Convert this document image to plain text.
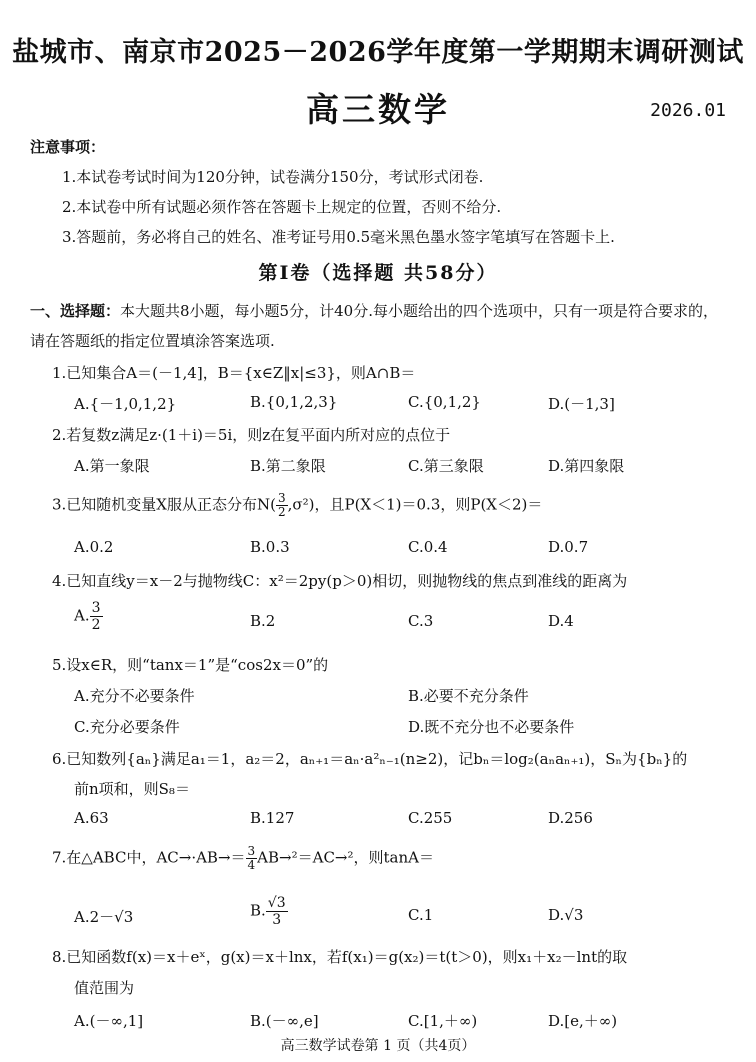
盐城市、南京市2025－2026学年度第一学期期末调研测试
高三数学	2026.01
注意事项：
1.本试卷考试时间为120分钟，试卷满分150分，考试形式闭卷.
2.本试卷中所有试题必须作答在答题卡上规定的位置，否则不给分.
3.答题前，务必将自己的姓名、准考证号用0.5毫米黑色墨水签字笔填写在答题卡上.
第Ⅰ卷（选择题 共58分）
一、选择题：本大题共8小题，每小题5分，计40分.每小题给出的四个选项中，只有一项是符合要求的，请在答题纸的指定位置填涂答案选项.
1.已知集合A＝(－1,4]，B＝{x∈Z‖x|≤3}，则A∩B＝
A.{－1,0,1,2}	B.{0,1,2,3}	C.{0,1,2}	D.(－1,3]
2.若复数z满足z·(1＋i)＝5i，则z在复平面内所对应的点位于
A.第一象限	B.第二象限	C.第三象限	D.第四象限
3.已知随机变量X服从正态分布$N( \frac{3}{2} ,\sigma^2)$，且P(X＜1)＝0.3，则P(X＜2)＝
A.0.2	B.0.3	C.0.4	D.0.7
4.已知直线y＝x－2与抛物线C：x²＝2py(p＞0)相切，则抛物线的焦点到准线的距离为
A. $\frac{3}{2}$	B.2	C.3	D.4
5.设x∈R，则“tanx＝1”是“cos2x＝0”的
A.充分不必要条件	B.必要不充分条件
C.充分必要条件	D.既不充分也不必要条件
6.已知数列{aₙ}满足a₁＝1，a₂＝2，aₙ₊₁＝aₙ·a²ₙ₋₁(n≥2)，记bₙ＝log₂(aₙaₙ₊₁)，Sₙ为{bₙ}的
前n项和，则S₈＝
A.63	B.127	C.255	D.256
7.在△ABC中，$AC\to\cdot AB\to= \frac{3}{4} AB\to^2=AC\to^2$，则tanA＝
A.2－√3	B. $\frac{√3}{3}$	C.1	D.√3
8.已知函数f(x)＝x＋eˣ，g(x)＝x＋lnx，若f(x₁)＝g(x₂)＝t(t＞0)，则x₁＋x₂－lnt的取
值范围为
A.(－∞,1]	B.(－∞,e]	C.[1,＋∞)	D.[e,＋∞)
高三数学试卷第 1 页（共4页）
